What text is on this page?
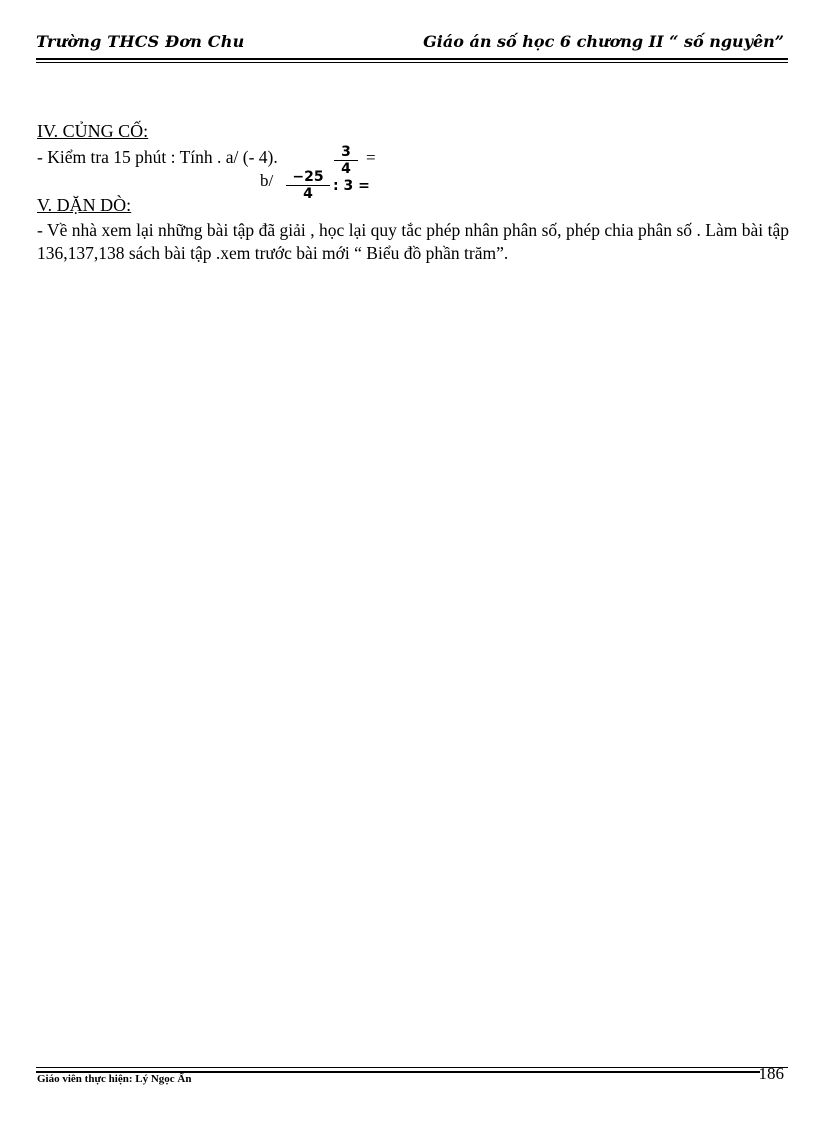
Trường THCS Đơn Chu	Giáo án số học 6 chương II “ số nguyên”
IV. CỦNG CỐ:
- Kiểm tra 15 phút : Tính . a/ (- 4).	$\frac{3}{4}$ =
$b/ \frac{-25}{4}$ : 3 =
V. DẶN DÒ:
- Về nhà xem lại những bài tập đã giải , học lại quy tắc phép nhân phân số, phép chia phân số . Làm bài tập 136,137,138 sách bài tập .xem trước bài mới “ Biểu đồ phần trăm”.
Giáo viên thực hiện: Lý Ngọc Ẩn	186
